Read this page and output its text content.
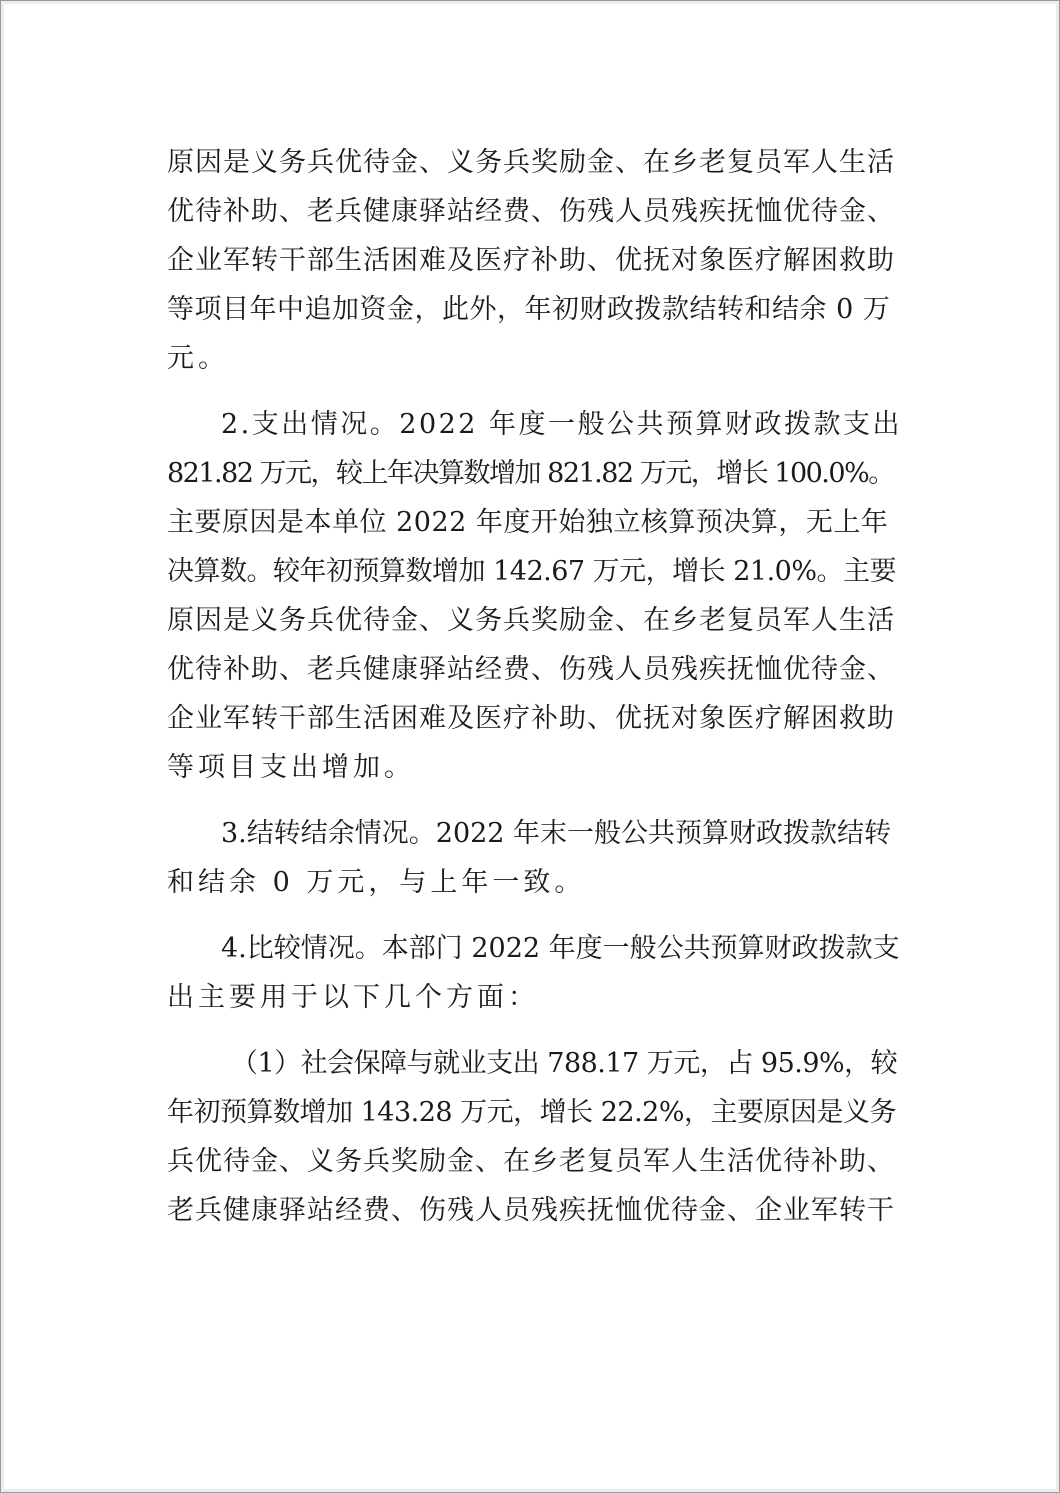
原因是义务兵优待金、义务兵奖励金、在乡老复员军人生活
优待补助、老兵健康驿站经费、伤残人员残疾抚恤优待金、
企业军转干部生活困难及医疗补助、优抚对象医疗解困救助
等项目年中追加资金，此外，年初财政拨款结转和结余 0 万
元。

2.支出情况。2022 年度一般公共预算财政拨款支出
821.82 万元，较上年决算数增加 821.82 万元，增长 100.0%。
主要原因是本单位 2022 年度开始独立核算预决算，无上年
决算数。较年初预算数增加 142.67 万元，增长 21.0%。主要
原因是义务兵优待金、义务兵奖励金、在乡老复员军人生活
优待补助、老兵健康驿站经费、伤残人员残疾抚恤优待金、
企业军转干部生活困难及医疗补助、优抚对象医疗解困救助
等项目支出增加。

3.结转结余情况。2022 年末一般公共预算财政拨款结转
和结余 0 万元，与上年一致。

4.比较情况。本部门 2022 年度一般公共预算财政拨款支
出主要用于以下几个方面：

（1）社会保障与就业支出 788.17 万元，占 95.9%，较
年初预算数增加 143.28 万元，增长 22.2%，主要原因是义务
兵优待金、义务兵奖励金、在乡老复员军人生活优待补助、
老兵健康驿站经费、伤残人员残疾抚恤优待金、企业军转干
